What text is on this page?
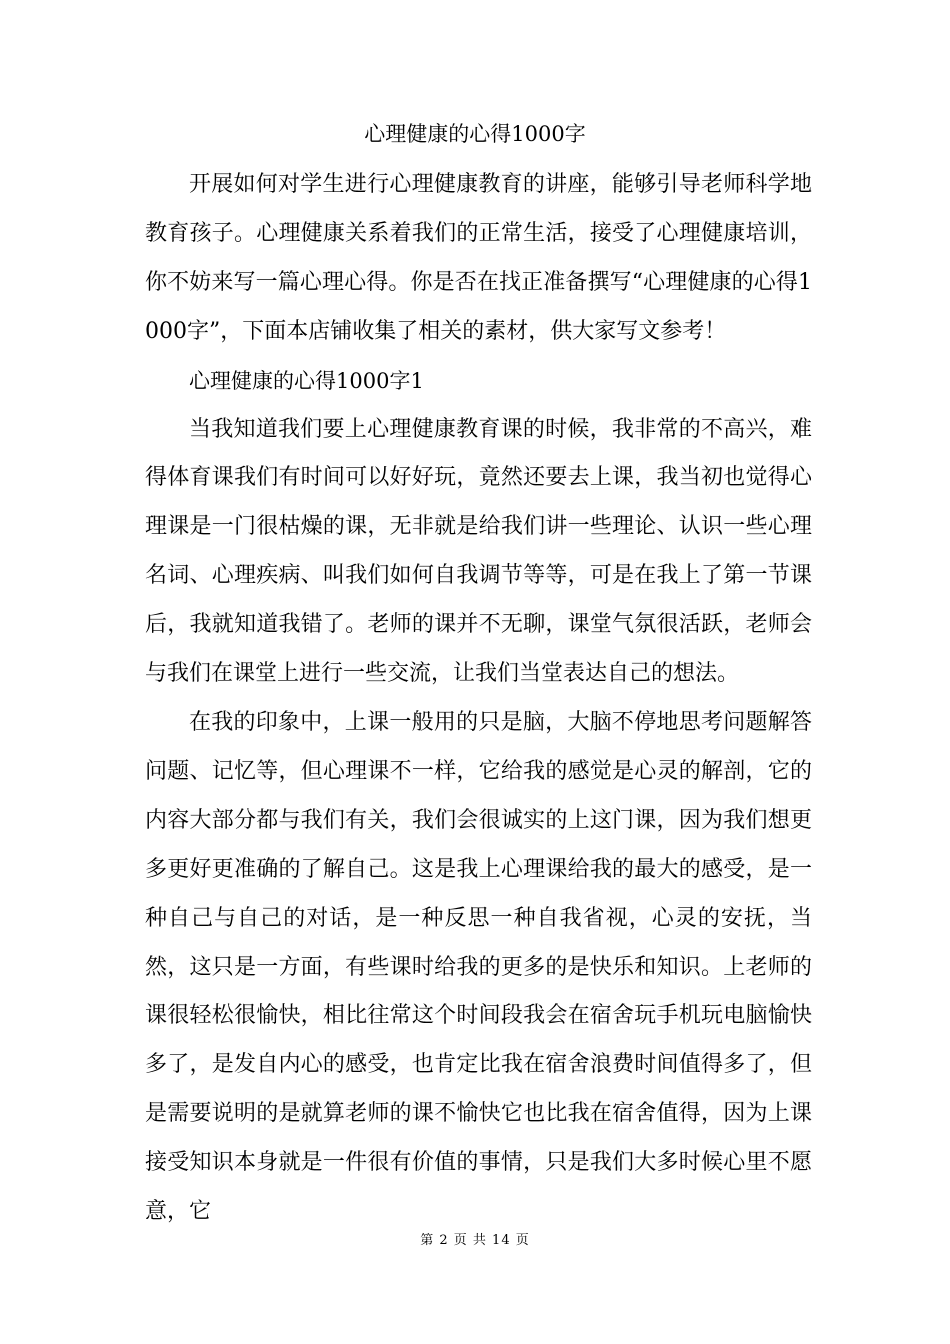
心理健康的心得1000字

开展如何对学生进行心理健康教育的讲座，能够引导老师科学地教育孩子。心理健康关系着我们的正常生活，接受了心理健康培训，你不妨来写一篇心理心得。你是否在找正准备撰写“心理健康的心得1000字”，下面本店铺收集了相关的素材，供大家写文参考！

心理健康的心得1000字1

当我知道我们要上心理健康教育课的时候，我非常的不高兴，难得体育课我们有时间可以好好玩，竟然还要去上课，我当初也觉得心理课是一门很枯燥的课，无非就是给我们讲一些理论、认识一些心理名词、心理疾病、叫我们如何自我调节等等，可是在我上了第一节课后，我就知道我错了。老师的课并不无聊，课堂气氛很活跃，老师会与我们在课堂上进行一些交流，让我们当堂表达自己的想法。

在我的印象中，上课一般用的只是脑，大脑不停地思考问题解答问题、记忆等，但心理课不一样，它给我的感觉是心灵的解剖，它的内容大部分都与我们有关，我们会很诚实的上这门课，因为我们想更多更好更准确的了解自己。这是我上心理课给我的最大的感受，是一种自己与自己的对话，是一种反思一种自我省视，心灵的安抚，当然，这只是一方面，有些课时给我的更多的是快乐和知识。上老师的课很轻松很愉快，相比往常这个时间段我会在宿舍玩手机玩电脑愉快多了，是发自内心的感受，也肯定比我在宿舍浪费时间值得多了，但是需要说明的是就算老师的课不愉快它也比我在宿舍值得，因为上课接受知识本身就是一件很有价值的事情，只是我们大多时候心里不愿意，它

第 2 页 共 14 页
